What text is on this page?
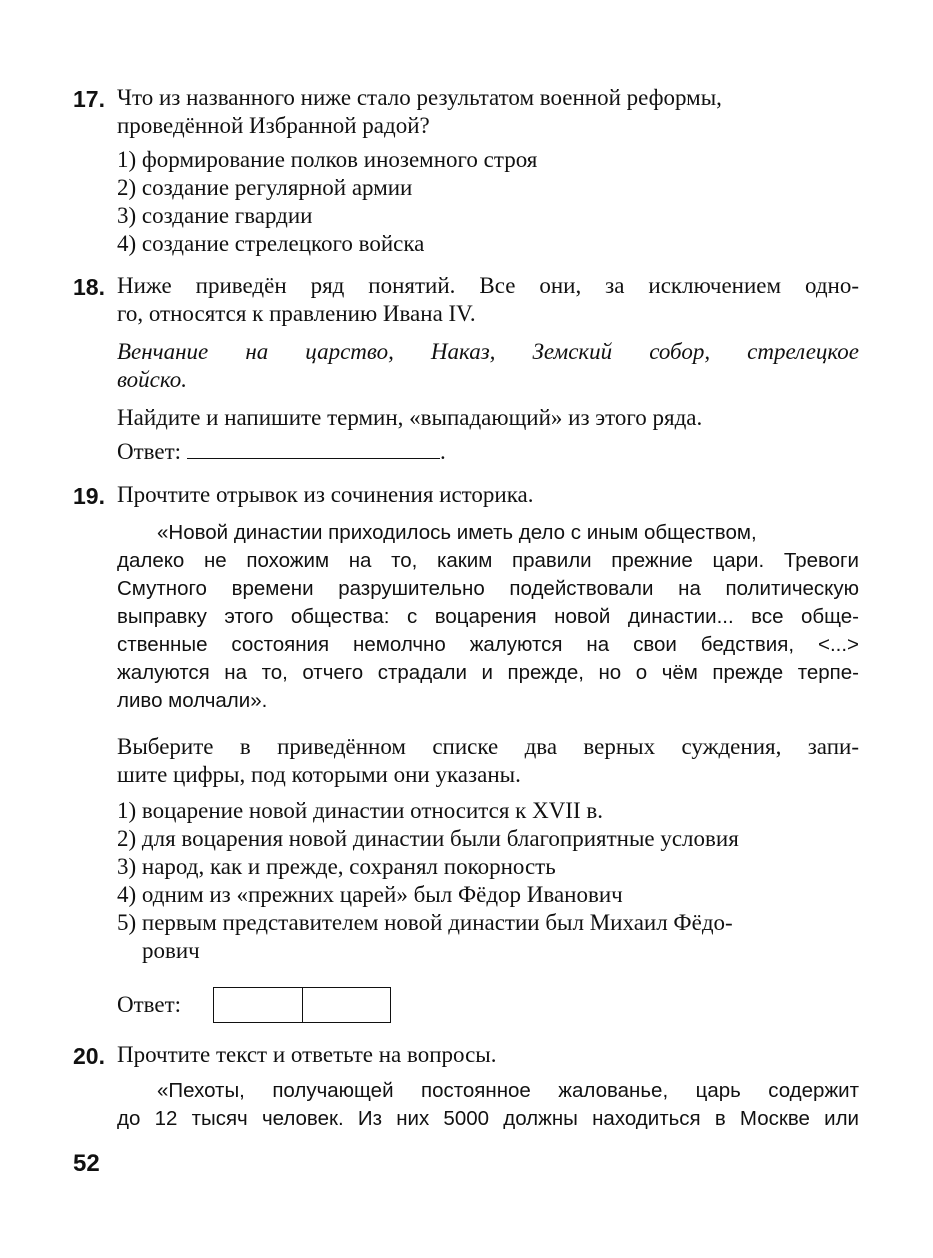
17. Что из названного ниже стало результатом военной реформы,
проведённой Избранной радой?
1) формирование полков иноземного строя
2) создание регулярной армии
3) создание гвардии
4) создание стрелецкого войска
18. Ниже приведён ряд понятий. Все они, за исключением одно-
го, относятся к правлению Ивана IV.
Венчание на царство, Наказ, Земский собор, стрелецкое
войско.
Найдите и напишите термин, «выпадающий» из этого ряда.
Ответ:	.
19. Прочтите отрывок из сочинения историка.
«Новой династии приходилось иметь дело с иным обществом,
далеко не похожим на то, каким правили прежние цари. Тревоги
Смутного времени разрушительно подействовали на политическую
выправку этого общества: с воцарения новой династии... все обще-
ственные состояния немолчно жалуются на свои бедствия, <...>
жалуются на то, отчего страдали и прежде, но о чём прежде терпе-
ливо молчали».
Выберите в приведённом списке два верных суждения, запи-
шите цифры, под которыми они указаны.
1) воцарение новой династии относится к XVII в.
2) для воцарения новой династии были благоприятные условия
3) народ, как и прежде, сохранял покорность
4) одним из «прежних царей» был Фёдор Иванович
5) первым представителем новой династии был Михаил Фёдо-
рович
Ответ:
20. Прочтите текст и ответьте на вопросы.
«Пехоты, получающей постоянное жалованье, царь содержит
до 12 тысяч человек. Из них 5000 должны находиться в Москве или
52
